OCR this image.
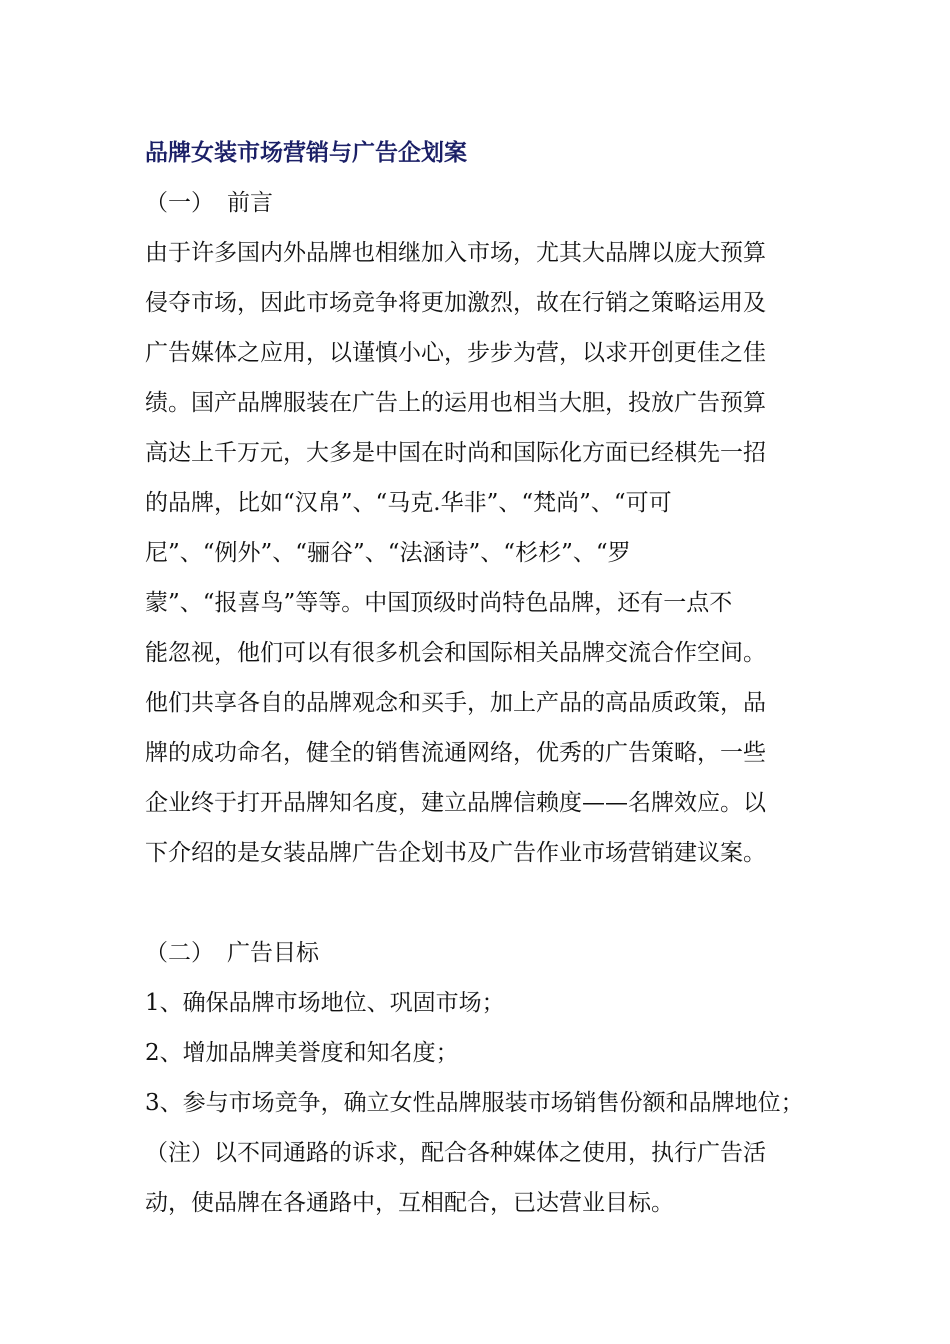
品牌女装市场营销与广告企划案
（一） 前言
由于许多国内外品牌也相继加入市场，尤其大品牌以庞大预算
侵夺市场，因此市场竞争将更加激烈，故在行销之策略运用及
广告媒体之应用，以谨慎小心，步步为营，以求开创更佳之佳
绩。国产品牌服装在广告上的运用也相当大胆，投放广告预算
高达上千万元，大多是中国在时尚和国际化方面已经棋先一招
的品牌，比如“汉帛”、“马克.华非”、“梵尚”、“可可
尼”、“例外”、“骊谷”、“法涵诗”、“杉杉”、“罗
蒙”、“报喜鸟”等等。中国顶级时尚特色品牌，还有一点不
能忽视，他们可以有很多机会和国际相关品牌交流合作空间。
他们共享各自的品牌观念和买手，加上产品的高品质政策，品
牌的成功命名，健全的销售流通网络，优秀的广告策略，一些
企业终于打开品牌知名度，建立品牌信赖度——名牌效应。以
下介绍的是女装品牌广告企划书及广告作业市场营销建议案。
（二） 广告目标
1、确保品牌市场地位、巩固市场；
2、增加品牌美誉度和知名度；
3、参与市场竞争，确立女性品牌服装市场销售份额和品牌地位；
（注）以不同通路的诉求，配合各种媒体之使用，执行广告活
动，使品牌在各通路中，互相配合，已达营业目标。
